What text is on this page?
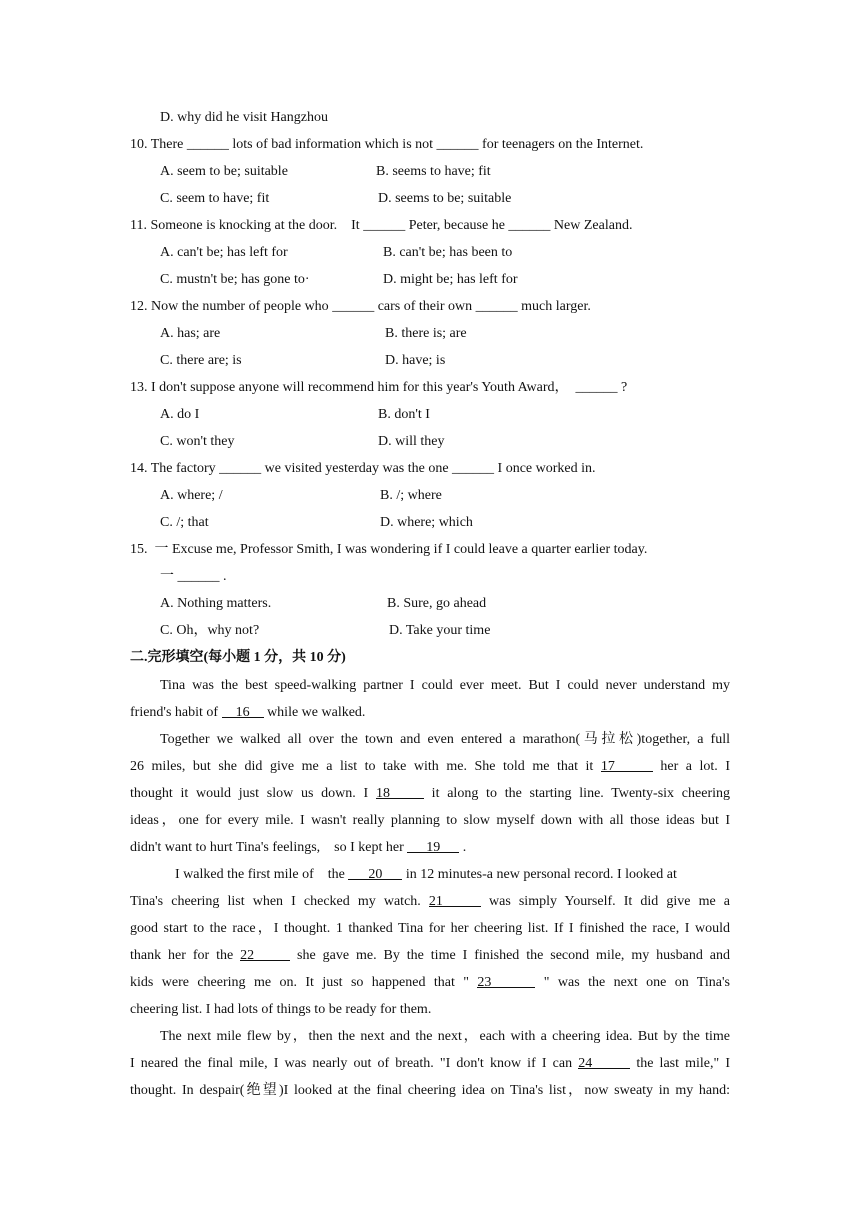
D. why did he visit Hangzhou
10. There ______ lots of bad information which is not ______ for teenagers on the Internet.
A. seem to be; suitable	B. seems to have; fit
C. seem to have; fit	D. seems to be; suitable
11. Someone is knocking at the door.    It ______ Peter, because he ______ New Zealand.
A. can't be; has left for	B. can't be; has been to
C. mustn't be; has gone to·	D. might be; has left for
12. Now the number of people who ______ cars of their own ______ much larger.
A. has; are	B. there is; are
C. there are; is	D. have; is
13. I don't suppose anyone will recommend him for this year's Youth Award，  ______ ?
A. do I	B. don't I
C. won't they	D. will they
14. The factory ______ we visited yesterday was the one ______ I once worked in.
A. where; /	B. /; where
C. /; that	D. where; which
15.  一 Excuse me, Professor Smith, I was wondering if I could leave a quarter earlier today.
一 ______ .
A. Nothing matters.	B. Sure, go ahead
C. Oh，why not?	D. Take your time
二.完形填空(每小题 1 分，共 10 分)
Tina was the best speed-walking partner I could ever meet. But I could never understand my
friend's habit of 16 while we walked.
Together we walked all over the town and even entered a marathon(马拉松)together, a full
26 miles, but she did give me a list to take with me. She told me that it 17	her a lot. I
thought it would just slow us down. I 18 it along to the starting line. Twenty-six cheering
ideas，one for every mile. I wasn't really planning to slow myself down with all those ideas but I
didn't want to hurt Tina's feelings,    so I kept her 19 .
I walked the first mile of    the 20 in 12 minutes-a new personal record. I looked at
Tina's cheering list when I checked my watch. 21	was simply Yourself. It did give me a
good start to the race，I thought. 1 thanked Tina for her cheering list. If I finished the race, I would
thank her for the 22	she gave me. By the time I finished the second mile, my husband and
kids were cheering me on. It just so happened that " 23	" was the next one on Tina's
cheering list. I had lots of things to be ready for them.
The next mile flew by，then the next and the next，each with a cheering idea. But by the time
I neared the final mile, I was nearly out of breath. "I don't know if I can 24	the last mile," I
thought. In despair(绝望)I looked at the final cheering idea on Tina's list，now sweaty in my hand:
